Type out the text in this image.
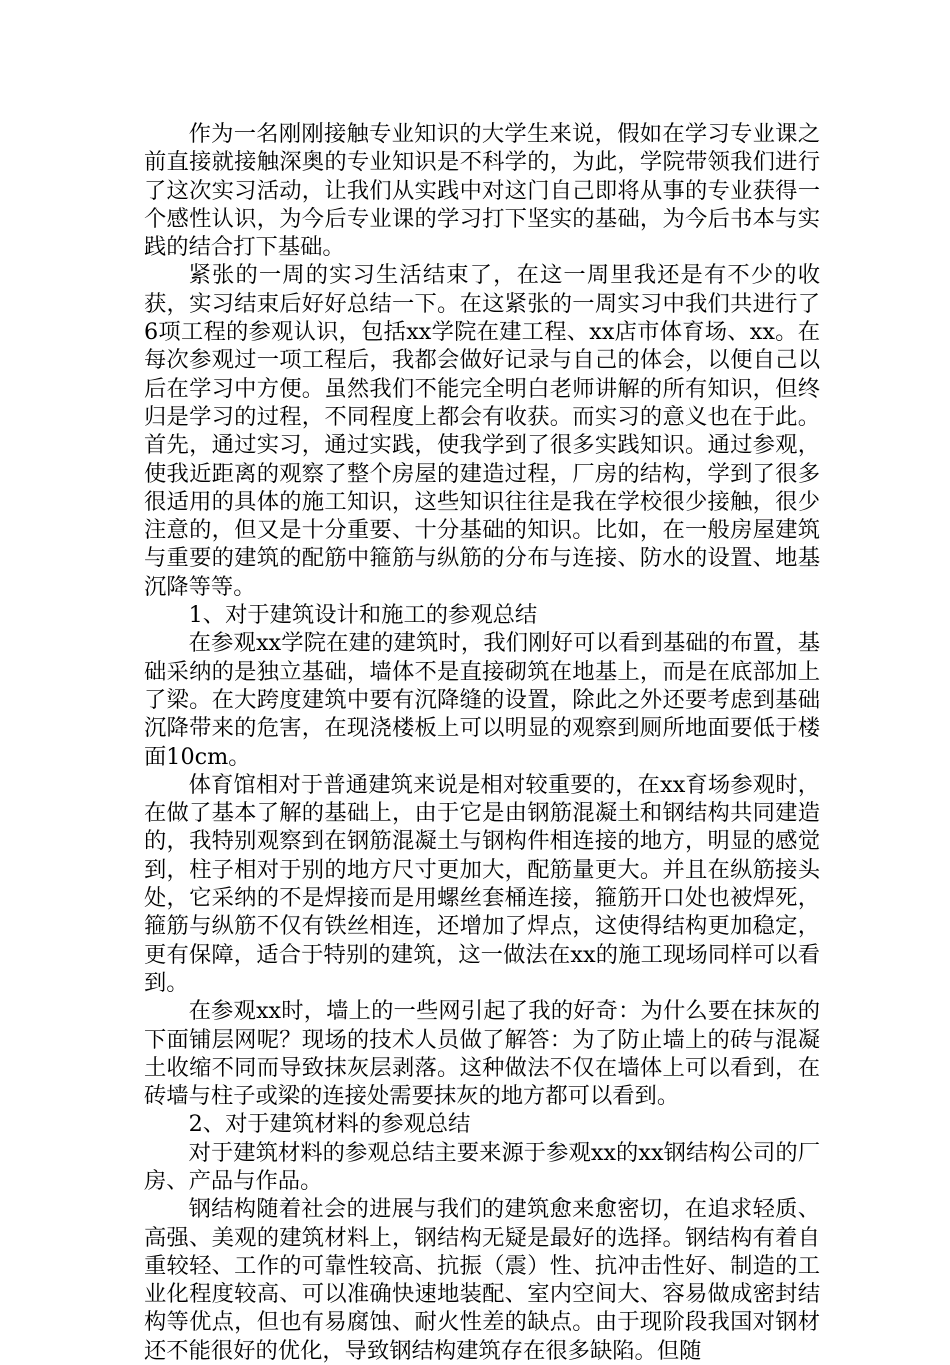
作为一名刚刚接触专业知识的大学生来说，假如在学习专业课之前直接就接触深奥的专业知识是不科学的，为此，学院带领我们进行了这次实习活动，让我们从实践中对这门自己即将从事的专业获得一个感性认识，为今后专业课的学习打下坚实的基础，为今后书本与实践的结合打下基础。

紧张的一周的实习生活结束了，在这一周里我还是有不少的收获，实习结束后好好总结一下。在这紧张的一周实习中我们共进行了6项工程的参观认识，包括xx学院在建工程、xx店市体育场、xx。在每次参观过一项工程后，我都会做好记录与自己的体会，以便自己以后在学习中方便。虽然我们不能完全明白老师讲解的所有知识，但终归是学习的过程，不同程度上都会有收获。而实习的意义也在于此。首先，通过实习，通过实践，使我学到了很多实践知识。通过参观，使我近距离的观察了整个房屋的建造过程，厂房的结构，学到了很多很适用的具体的施工知识，这些知识往往是我在学校很少接触，很少注意的，但又是十分重要、十分基础的知识。比如，在一般房屋建筑与重要的建筑的配筋中箍筋与纵筋的分布与连接、防水的设置、地基沉降等等。

1、对于建筑设计和施工的参观总结

在参观xx学院在建的建筑时，我们刚好可以看到基础的布置，基础采纳的是独立基础，墙体不是直接砌筑在地基上，而是在底部加上了梁。在大跨度建筑中要有沉降缝的设置，除此之外还要考虑到基础沉降带来的危害，在现浇楼板上可以明显的观察到厕所地面要低于楼面10cm。

体育馆相对于普通建筑来说是相对较重要的，在xx育场参观时，在做了基本了解的基础上，由于它是由钢筋混凝土和钢结构共同建造的，我特别观察到在钢筋混凝土与钢构件相连接的地方，明显的感觉到，柱子相对于别的地方尺寸更加大，配筋量更大。并且在纵筋接头处，它采纳的不是焊接而是用螺丝套桶连接，箍筋开口处也被焊死，箍筋与纵筋不仅有铁丝相连，还增加了焊点，这使得结构更加稳定，更有保障，适合于特别的建筑，这一做法在xx的施工现场同样可以看到。

在参观xx时，墙上的一些网引起了我的好奇：为什么要在抹灰的下面铺层网呢？现场的技术人员做了解答：为了防止墙上的砖与混凝土收缩不同而导致抹灰层剥落。这种做法不仅在墙体上可以看到，在砖墙与柱子或梁的连接处需要抹灰的地方都可以看到。

2、对于建筑材料的参观总结

对于建筑材料的参观总结主要来源于参观xx的xx钢结构公司的厂房、产品与作品。

钢结构随着社会的进展与我们的建筑愈来愈密切，在追求轻质、高强、美观的建筑材料上，钢结构无疑是最好的选择。钢结构有着自重较轻、工作的可靠性较高、抗振（震）性、抗冲击性好、制造的工业化程度较高、可以准确快速地装配、室内空间大、容易做成密封结构等优点，但也有易腐蚀、耐火性差的缺点。由于现阶段我国对钢材还不能很好的优化，导致钢结构建筑存在很多缺陷。但随
